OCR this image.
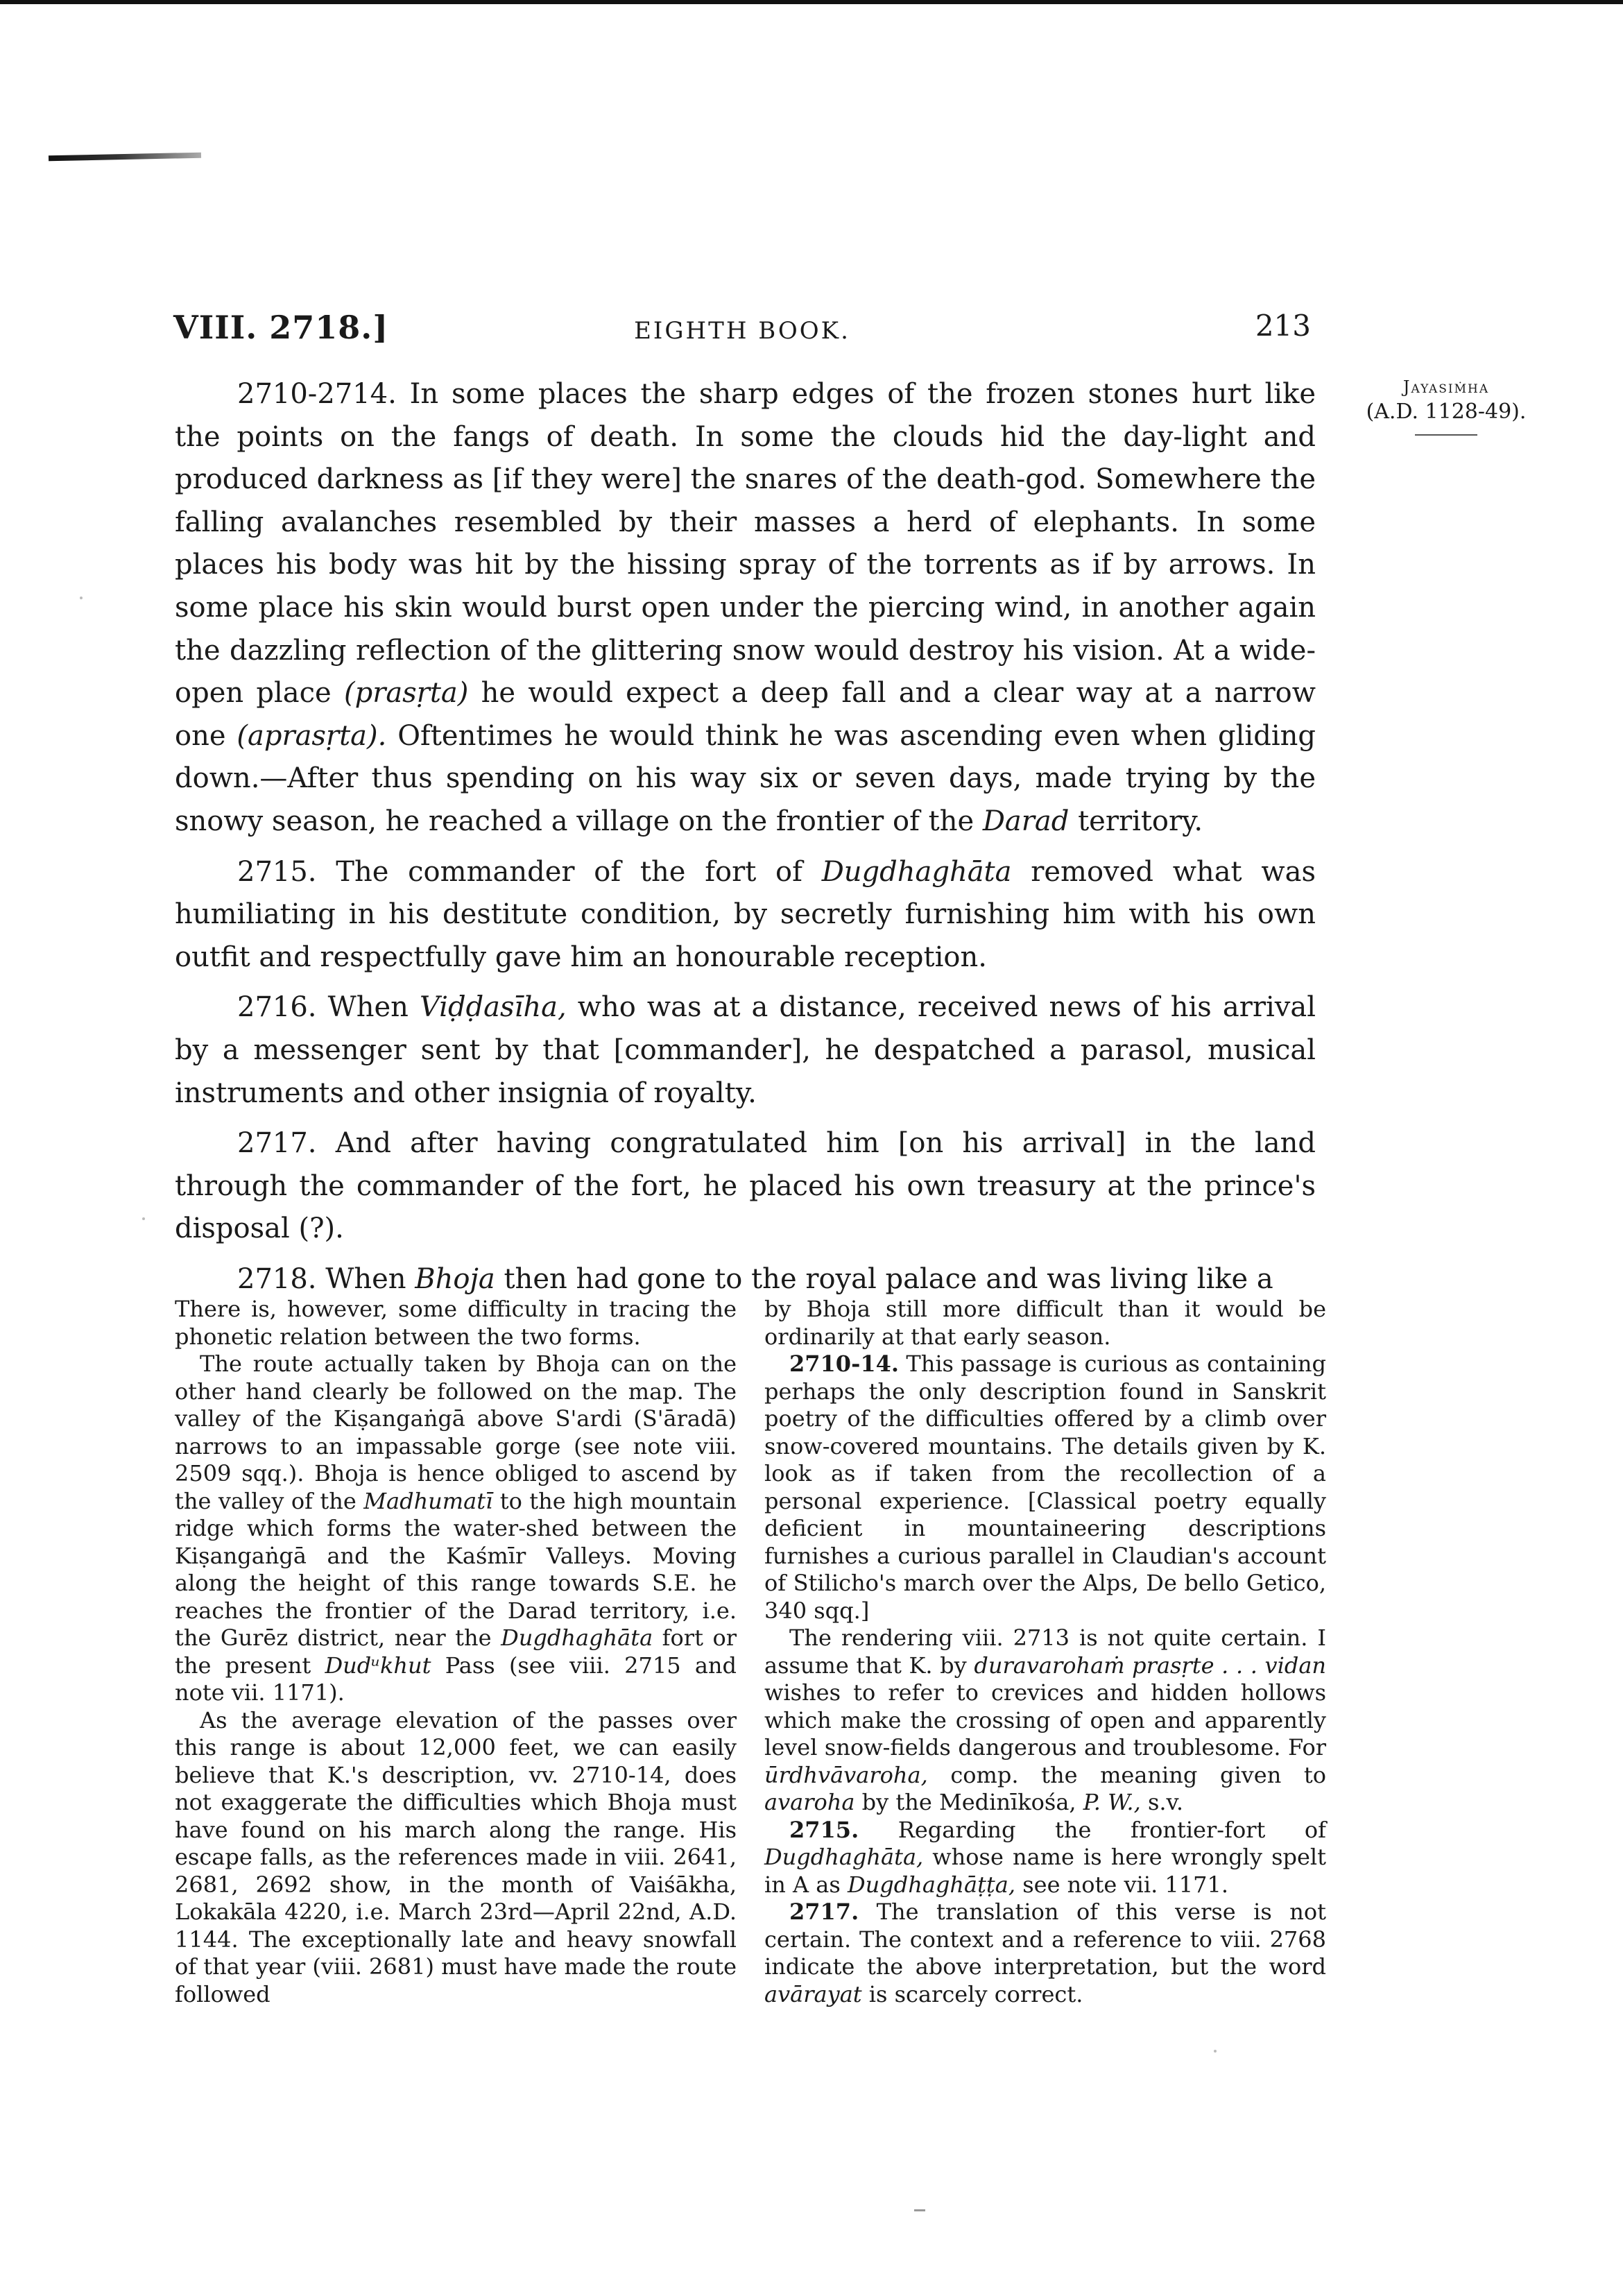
VIII. 2718.]	EIGHTH BOOK.	213
Jayasiṁha
(A.D. 1128-49).

2710-2714. In some places the sharp edges of the frozen stones hurt like the points on the fangs of death. In some the clouds hid the day-light and produced darkness as [if they were] the snares of the death-god. Somewhere the falling avalanches resembled by their masses a herd of elephants. In some places his body was hit by the hissing spray of the torrents as if by arrows. In some place his skin would burst open under the piercing wind, in another again the dazzling reflection of the glittering snow would destroy his vision. At a wide-open place (prasṛta) he would expect a deep fall and a clear way at a narrow one (aprasṛta). Oftentimes he would think he was ascending even when gliding down.—After thus spending on his way six or seven days, made trying by the snowy season, he reached a village on the frontier of the Darad territory.

2715. The commander of the fort of Dugdhaghāta removed what was humiliating in his destitute condition, by secretly furnishing him with his own outfit and respectfully gave him an honourable reception.

2716. When Viḍḍasīha, who was at a distance, received news of his arrival by a messenger sent by that [commander], he despatched a parasol, musical instruments and other insignia of royalty.

2717. And after having congratulated him [on his arrival] in the land through the commander of the fort, he placed his own treasury at the prince's disposal (?).

2718. When Bhoja then had gone to the royal palace and was living like a

There is, however, some difficulty in tracing the phonetic relation between the two forms.

The route actually taken by Bhoja can on the other hand clearly be followed on the map. The valley of the Kiṣangaṅgā above S'ardi (S'āradā) narrows to an impassable gorge (see note viii. 2509 sqq.). Bhoja is hence obliged to ascend by the valley of the Madhumatī to the high mountain ridge which forms the water-shed between the Kiṣangaṅgā and the Kaśmīr Valleys. Moving along the height of this range towards S.E. he reaches the frontier of the Darad territory, i.e. the Gurēz district, near the Dugdhaghāta fort or the present Dudᵘkhut Pass (see viii. 2715 and note vii. 1171).

As the average elevation of the passes over this range is about 12,000 feet, we can easily believe that K.'s description, vv. 2710-14, does not exaggerate the difficulties which Bhoja must have found on his march along the range. His escape falls, as the references made in viii. 2641, 2681, 2692 show, in the month of Vaiśākha, Lokakāla 4220, i.e. March 23rd—April 22nd, A.D. 1144. The exceptionally late and heavy snowfall of that year (viii. 2681) must have made the route followed

by Bhoja still more difficult than it would be ordinarily at that early season.

2710-14. This passage is curious as containing perhaps the only description found in Sanskrit poetry of the difficulties offered by a climb over snow-covered mountains. The details given by K. look as if taken from the recollection of a personal experience. [Classical poetry equally deficient in mountaineering descriptions furnishes a curious parallel in Claudian's account of Stilicho's march over the Alps, De bello Getico, 340 sqq.]

The rendering viii. 2713 is not quite certain. I assume that K. by duravarohaṁ prasṛte . . . vidan wishes to refer to crevices and hidden hollows which make the crossing of open and apparently level snow-fields dangerous and troublesome. For ūrdhvāvaroha, comp. the meaning given to avaroha by the Medinīkośa, P. W., s.v.

2715. Regarding the frontier-fort of Dugdhaghāta, whose name is here wrongly spelt in A as Dugdhaghāṭṭa, see note vii. 1171.

2717. The translation of this verse is not certain. The context and a reference to viii. 2768 indicate the above interpretation, but the word avārayat is scarcely correct.
